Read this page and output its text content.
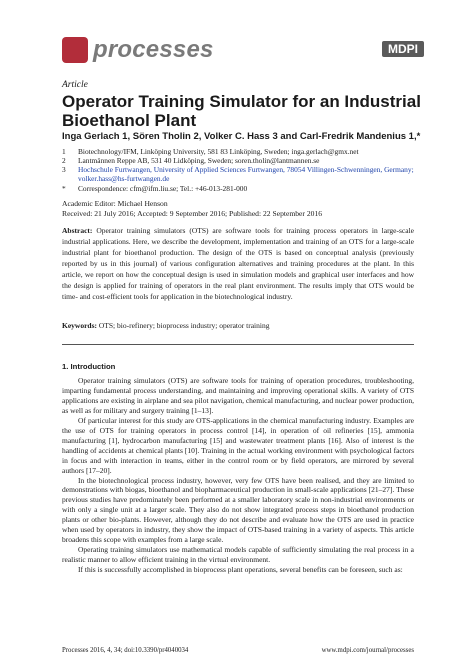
processes	MDPI
Article
Operator Training Simulator for an Industrial Bioethanol Plant
Inga Gerlach 1, Sören Tholin 2, Volker C. Hass 3 and Carl-Fredrik Mandenius 1,*
1	Biotechnology/IFM, Linköping University, 581 83 Linköping, Sweden; inga.gerlach@gmx.net
2	Lantmännen Reppe AB, 531 40 Lidköping, Sweden; soren.tholin@lantmannen.se
3	Hochschule Furtwangen, University of Applied Sciences Furtwangen, 78054 Villingen-Schwenningen, Germany; volker.hass@hs-furtwangen.de
*	Correspondence: cfm@ifm.liu.se; Tel.: +46-013-281-000
Academic Editor: Michael Henson
Received: 21 July 2016; Accepted: 9 September 2016; Published: 22 September 2016
Abstract: Operator training simulators (OTS) are software tools for training process operators in large-scale industrial applications. Here, we describe the development, implementation and training of an OTS for a large-scale industrial plant for bioethanol production. The design of the OTS is based on conceptual analysis (previously reported by us in this journal) of various configuration alternatives and training procedures at the plant. In this article, we report on how the conceptual design is used in simulation models and graphical user interfaces and how the design is applied for training of operators in the real plant environment. The results imply that OTS would be time- and cost-efficient tools for application in the biotechnological industry.
Keywords: OTS; bio-refinery; bioprocess industry; operator training
1. Introduction

Operator training simulators (OTS) are software tools for training of operation procedures, troubleshooting, imparting fundamental process understanding, and maintaining and improving operational skills. A variety of OTS applications are existing in airplane and sea pilot navigation, chemical manufacturing, and nuclear power production, as well as for military and surgery training [1–13].

Of particular interest for this study are OTS-applications in the chemical manufacturing industry. Examples are the use of OTS for training operators in process control [14], in operation of oil refineries [15], ammonia manufacturing [1], hydrocarbon manufacturing [15] and wastewater treatment plants [16]. Also of interest is the handling of accidents at chemical plants [10]. Training in the actual working environment with psychological factors in focus and with interaction in teams, either in the control room or by field operators, are mirrored by several authors [17–20].

In the biotechnological process industry, however, very few OTS have been realised, and they are limited to demonstrations with biogas, bioethanol and biopharmaceutical production in small-scale applications [21–27]. These previous studies have predominately been performed at a smaller laboratory scale in non-industrial environments or with only a single unit at a larger scale. They also do not show integrated process steps in bioethanol production plants or other bio-plants. However, although they do not describe and evaluate how the OTS are used in practice when used by operators in industry, they show the impact of OTS-based training in a variety of aspects. This article broadens this scope with examples from a large scale.

Operating training simulators use mathematical models capable of sufficiently simulating the real process in a realistic manner to allow efficient training in the virtual environment.

If this is successfully accomplished in bioprocess plant operations, several benefits can be foreseen, such as:

Processes 2016, 4, 34; doi:10.3390/pr4040034	www.mdpi.com/journal/processes
